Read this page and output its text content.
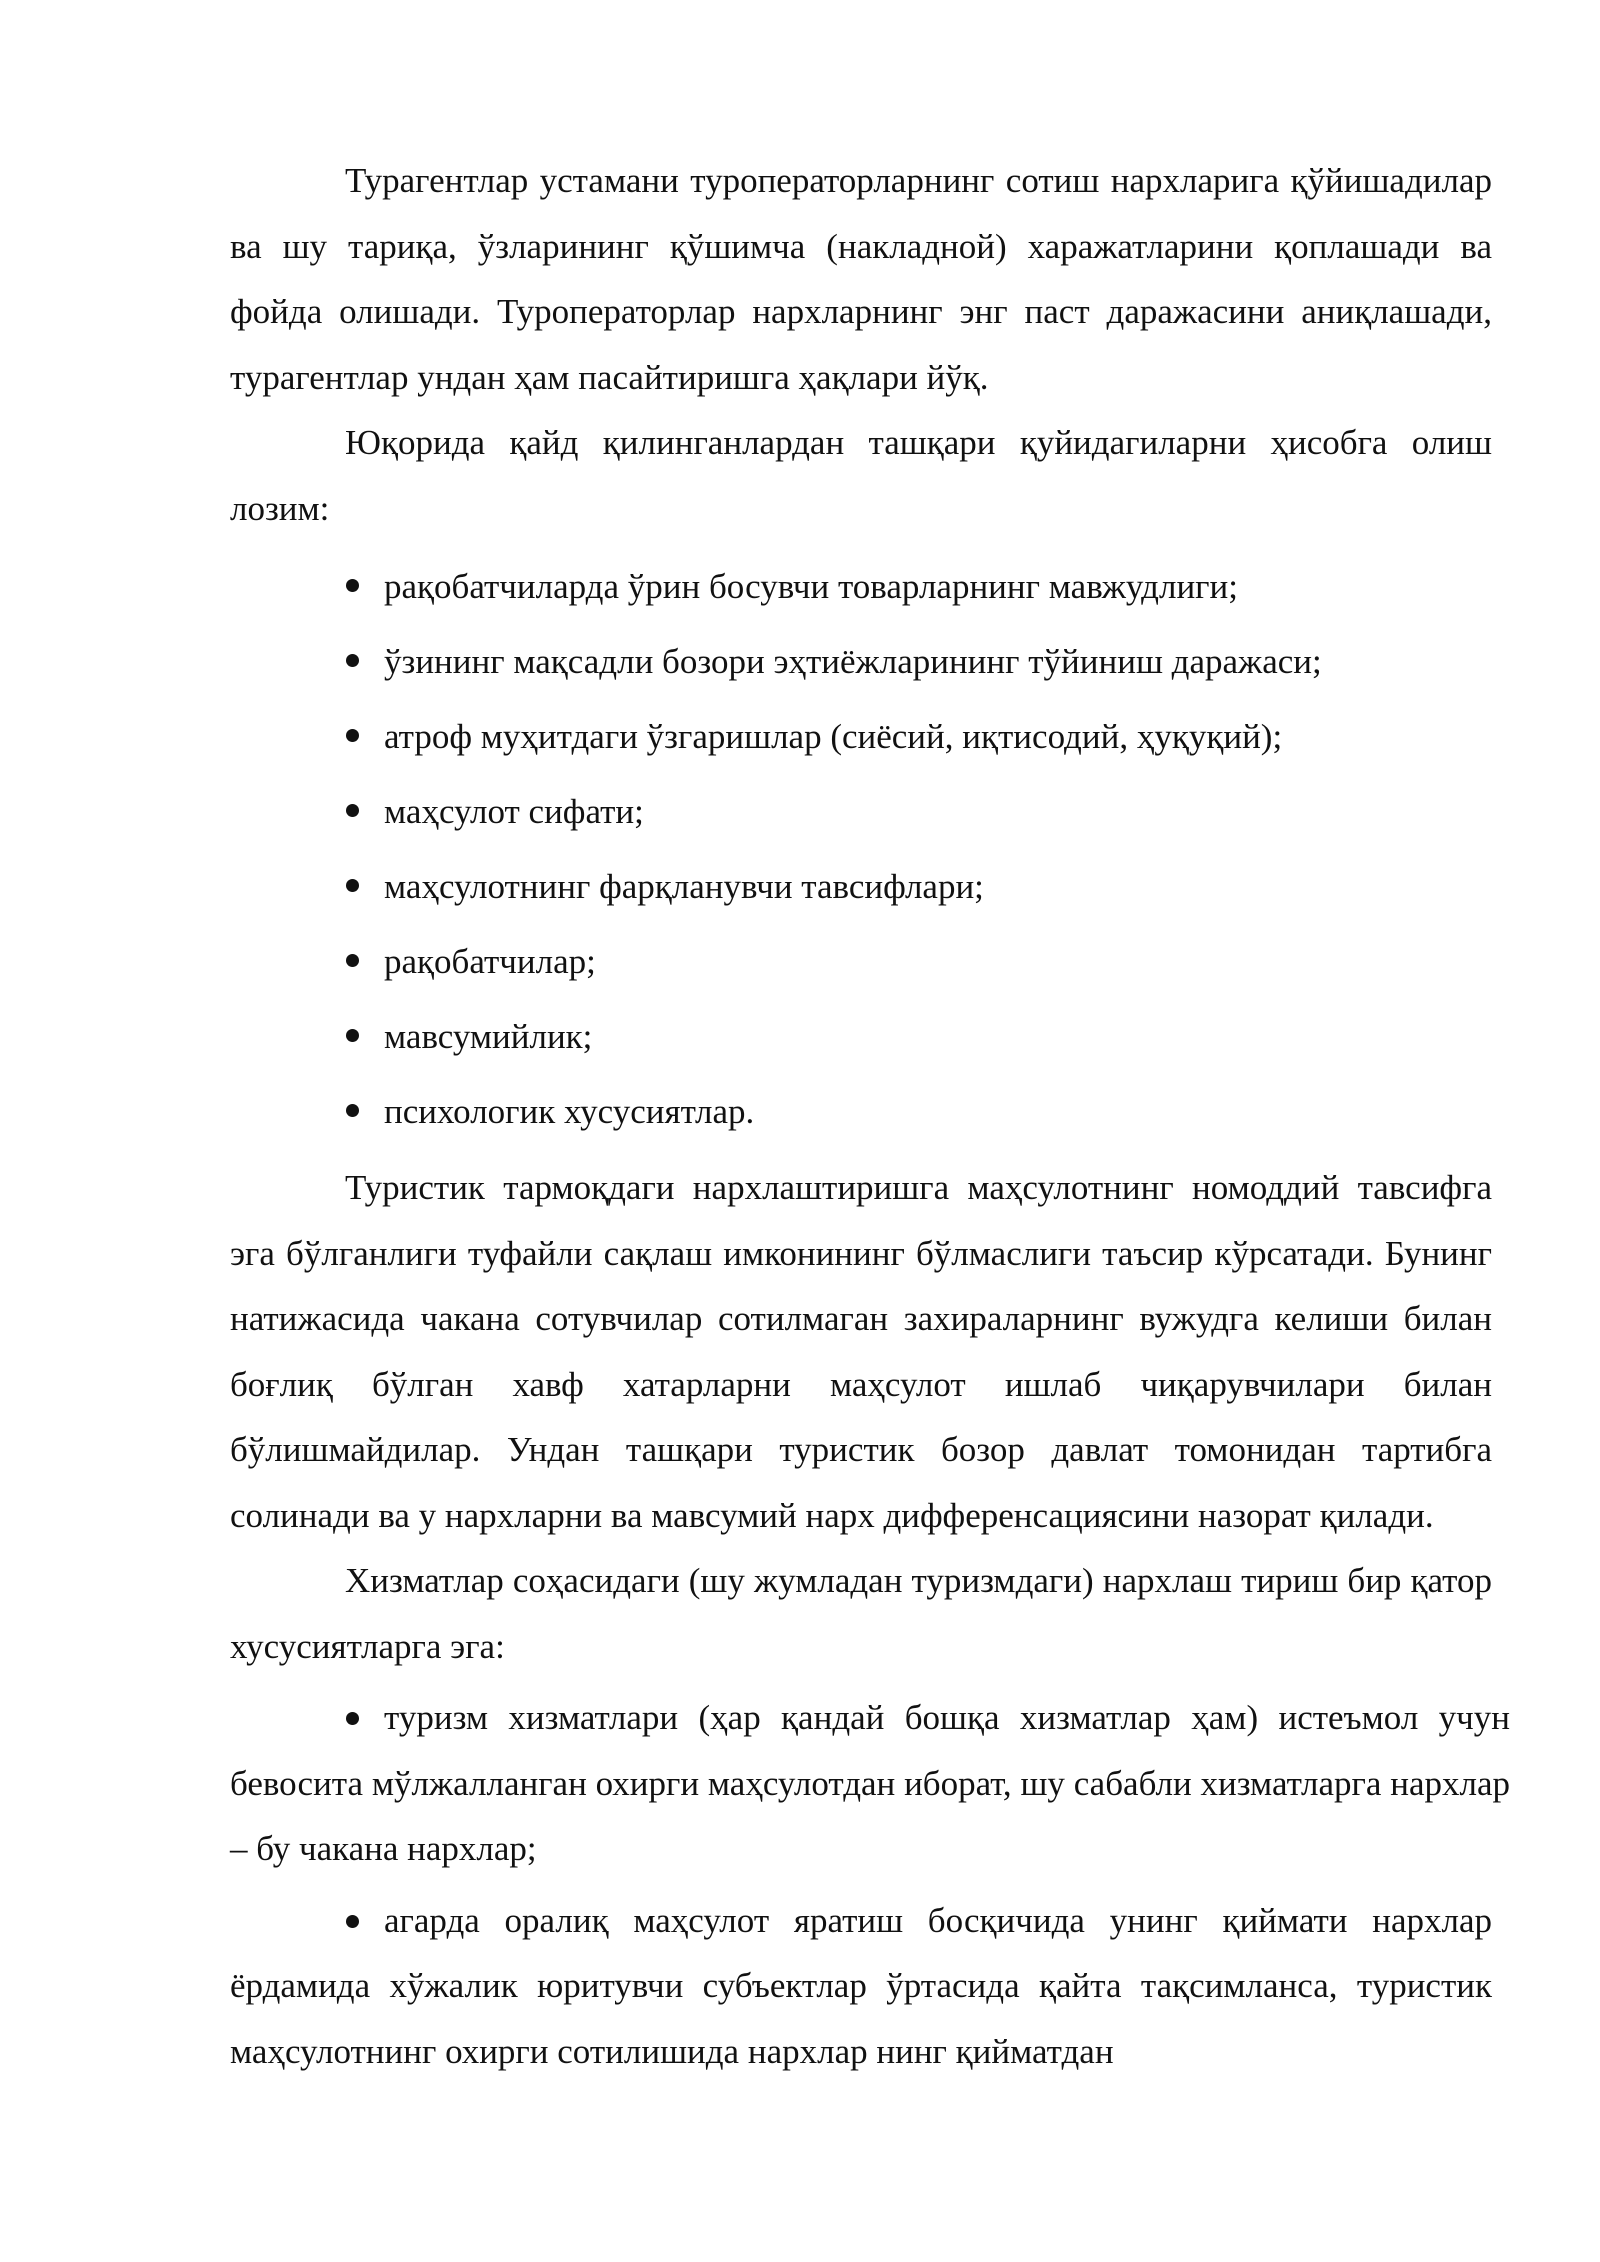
Турагентлар устамани туроператорларнинг сотиш нархларига қўйишадилар ва шу тариқа, ўзларининг қўшимча (накладной) харажатларини қоплашади ва фойда олишади. Туроператорлар нархларнинг энг паст даражасини аниқлашади, турагентлар ундан ҳам пасайтиришга ҳақлари йўқ.

Юқорида қайд қилинганлардан ташқари қуйидагиларни ҳисобга олиш лозим:

рақобатчиларда ўрин босувчи товарларнинг мавжудлиги;
ўзининг мақсадли бозори эҳтиёжларининг тўйиниш даражаси;
атроф муҳитдаги ўзгаришлар (сиёсий, иқтисодий, ҳуқуқий);
маҳсулот сифати;
маҳсулотнинг фарқланувчи тавсифлари;
рақобатчилар;
мавсумийлик;
психологик хусусиятлар.

Туристик тармоқдаги нархлаштиришга маҳсулотнинг номоддий тавсифга эга бўлганлиги туфайли сақлаш имконининг бўлмаслиги таъсир кўрсатади. Бунинг натижасида чакана сотувчилар сотилмаган захираларнинг вужудга келиши билан боғлиқ бўлган хавф хатарларни маҳсулот ишлаб чиқарувчилари билан бўлишмайдилар. Ундан ташқари туристик бозор давлат томонидан тартибга солинади ва у нархларни ва мавсумий нарх дифференсациясини назорат қилади.

Хизматлар соҳасидаги (шу жумладан туризмдаги) нархлаш тириш бир қатор хусусиятларга эга:

туризм хизматлари (ҳар қандай бошқа хизматлар ҳам) истеъмол учун бевосита мўлжалланган охирги маҳсулотдан иборат, шу сабабли хизматларга нархлар – бу чакана нархлар;
агарда оралиқ маҳсулот яратиш босқичида унинг қиймати нархлар ёрдамида хўжалик юритувчи субъектлар ўртасида қайта тақсимланса, туристик маҳсулотнинг охирги сотилишида нархлар нинг қийматдан
